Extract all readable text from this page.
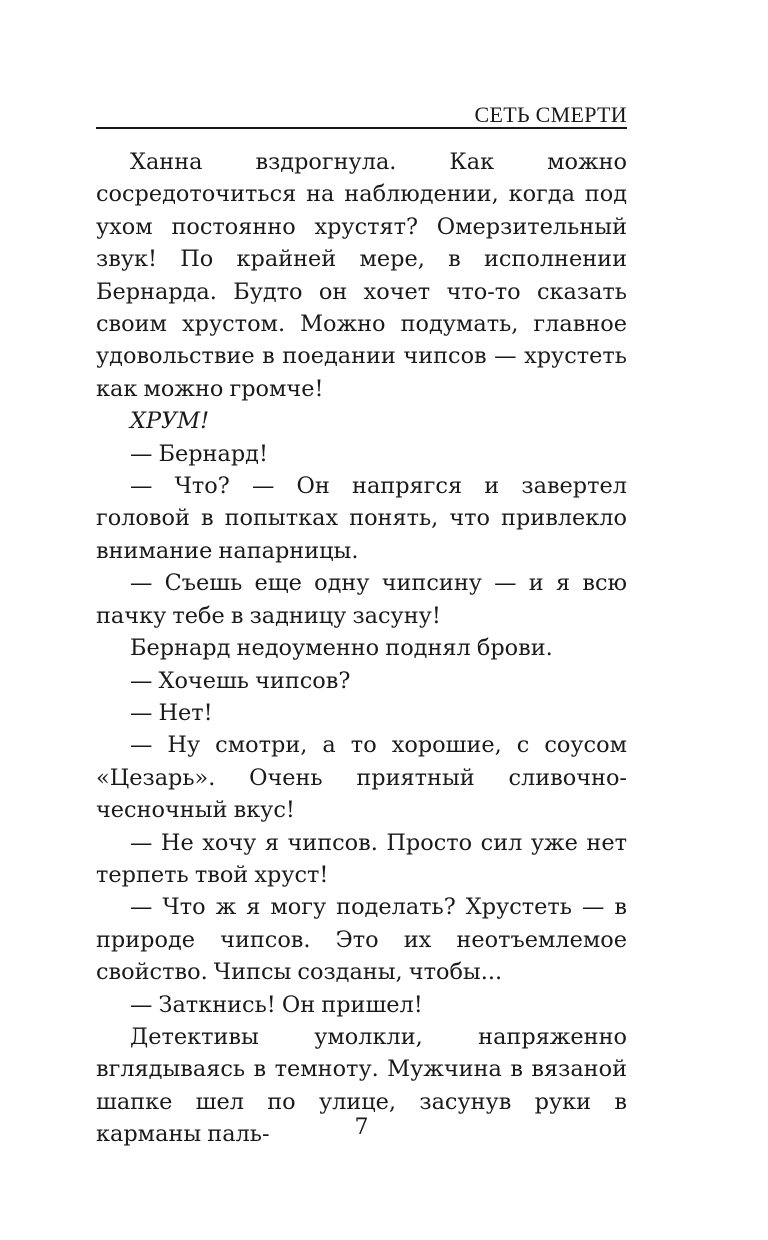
СЕТЬ СМЕРТИ

Ханна вздрогнула. Как можно сосредоточиться на наблюдении, когда под ухом постоянно хрустят? Омерзительный звук! По крайней мере, в исполнении Бернарда. Будто он хочет что-то сказать своим хрустом. Можно подумать, главное удовольствие в поедании чипсов — хрустеть как можно громче!

ХРУМ!

— Бернард!

— Что? — Он напрягся и завертел головой в попытках понять, что привлекло внимание напарницы.

— Съешь еще одну чипсину — и я всю пачку тебе в задницу засуну!

Бернард недоуменно поднял брови.

— Хочешь чипсов?

— Нет!

— Ну смотри, а то хорошие, с соусом «Цезарь». Очень приятный сливочно-чесночный вкус!

— Не хочу я чипсов. Просто сил уже нет терпеть твой хруст!

— Что ж я могу поделать? Хрустеть — в природе чипсов. Это их неотъемлемое свойство. Чипсы созданы, чтобы...

— Заткнись! Он пришел!

Детективы умолкли, напряженно вглядываясь в темноту. Мужчина в вязаной шапке шел по улице, засунув руки в карманы паль-	7
